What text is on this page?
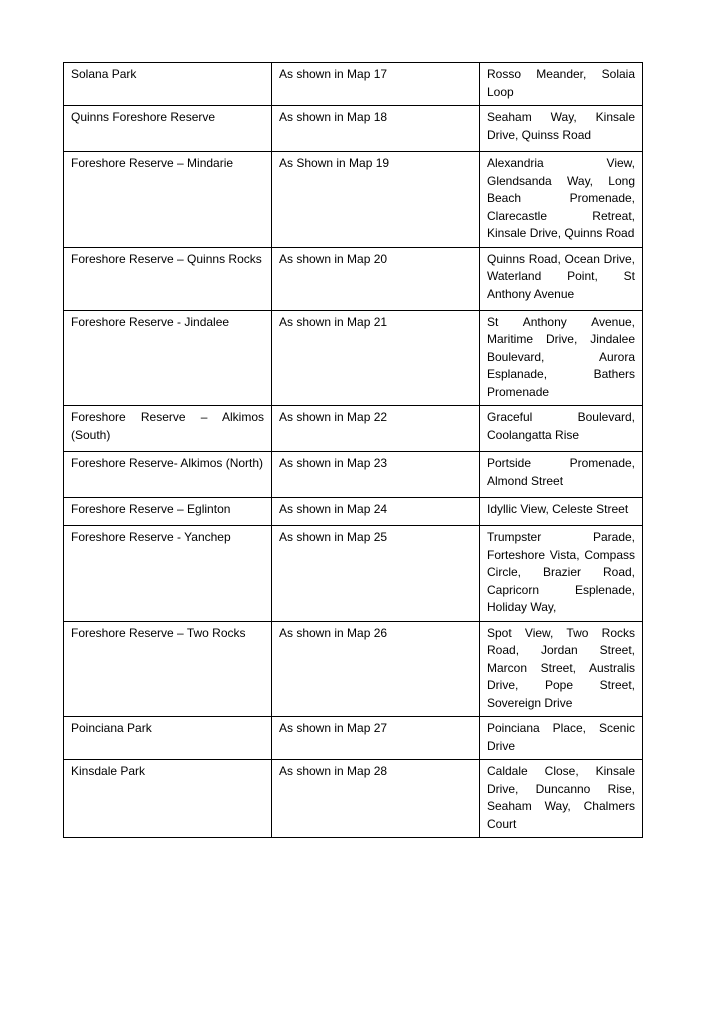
Solana Park	As shown in Map 17	Rosso Meander, Solaia Loop
Quinns Foreshore Reserve	As shown in Map 18	Seaham Way, Kinsale Drive, Quinss Road
Foreshore Reserve – Mindarie	As Shown in Map 19	Alexandria View, Glendsanda Way, Long Beach Promenade, Clarecastle Retreat, Kinsale Drive, Quinns Road
Foreshore Reserve – Quinns Rocks	As shown in Map 20	Quinns Road, Ocean Drive, Waterland Point, St Anthony Avenue
Foreshore Reserve - Jindalee	As shown in Map 21	St Anthony Avenue, Maritime Drive, Jindalee Boulevard, Aurora Esplanade, Bathers Promenade
Foreshore Reserve – Alkimos (South)	As shown in Map 22	Graceful Boulevard, Coolangatta Rise
Foreshore Reserve- Alkimos (North)	As shown in Map 23	Portside Promenade, Almond Street
Foreshore Reserve – Eglinton	As shown in Map 24	Idyllic View, Celeste Street
Foreshore Reserve - Yanchep	As shown in Map 25	Trumpster Parade, Forteshore Vista, Compass Circle, Brazier Road, Capricorn Esplenade, Holiday Way,
Foreshore Reserve – Two Rocks	As shown in Map 26	Spot View, Two Rocks Road, Jordan Street, Marcon Street, Australis Drive, Pope Street, Sovereign Drive
Poinciana Park	As shown in Map 27	Poinciana Place, Scenic Drive
Kinsdale Park	As shown in Map 28	Caldale Close, Kinsale Drive, Duncanno Rise, Seaham Way, Chalmers Court
